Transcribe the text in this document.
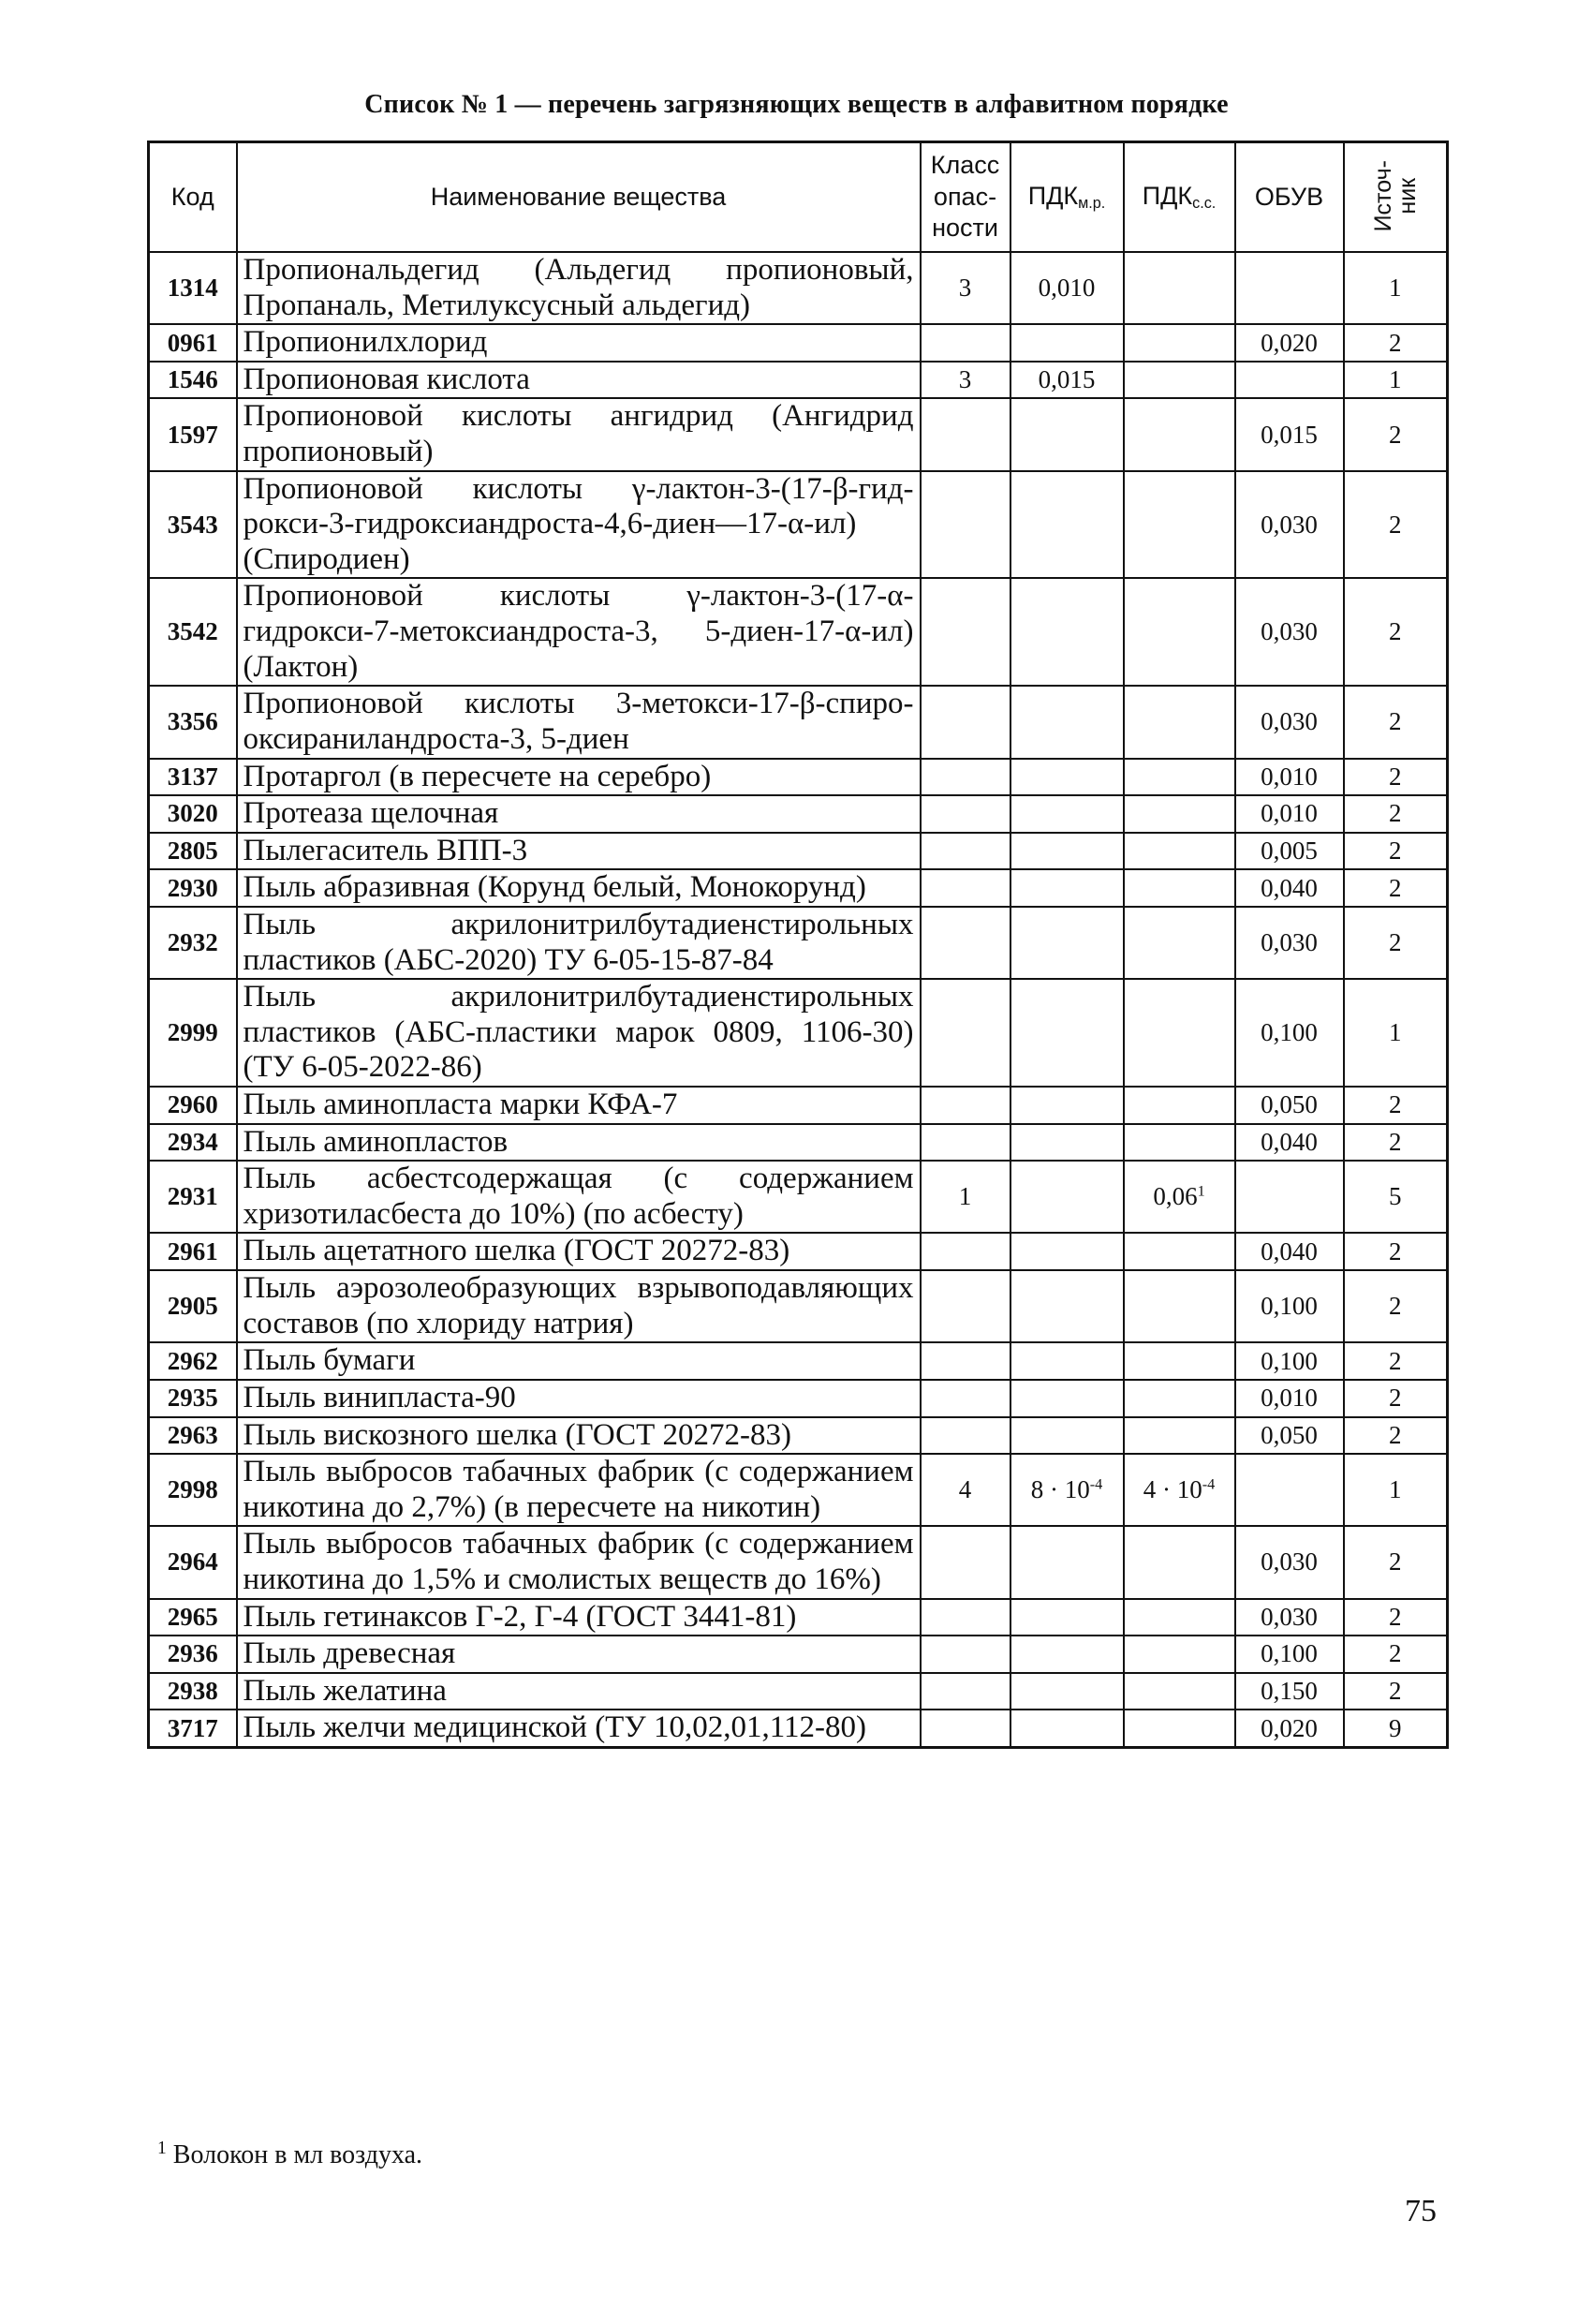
Список № 1 — перечень загрязняющих веществ в алфавитном порядке
Код	Наименование вещества	Класс
опас-
ности	$ПДК_{м.р.}$	$ПДК_{с.с.}$	ОБУВ	Источ-
ник
1314	Пропиональдегид (Альдегид пропионовый, Пропаналь, Метилуксусный альдегид)	3	0,010			1
0961	Пропионилхлорид				0,020	2
1546	Пропионовая кислота	3	0,015			1
1597	Пропионовой кислоты ангидрид (Ангидрид пропионовый)				0,015	2
3543	Пропионовой кислоты γ-лактон-3-(17-β-гид-рокси-3-гидроксиандроста-4,6-диен—17-α-ил) (Спиродиен)				0,030	2
3542	Пропионовой кислоты γ-лактон-3-(17-α-гидрокси-7-метоксиандроста-3, 5-диен-17-α-ил) (Лактон)				0,030	2
3356	Пропионовой кислоты 3-метокси-17-β-спиро-оксиранилaндроста-3, 5-диен				0,030	2
3137	Протаргол (в пересчете на серебро)				0,010	2
3020	Протеаза щелочная				0,010	2
2805	Пылегаситель ВПП-3				0,005	2
2930	Пыль абразивная (Корунд белый, Монокорунд)				0,040	2
2932	Пыль акрилонитрилбутадиенстирольных пластиков (АБС-2020) ТУ 6-05-15-87-84				0,030	2
2999	Пыль акрилонитрилбутадиенстирольных пластиков (АБС-пластики марок 0809, 1106-30) (ТУ 6-05-2022-86)				0,100	1
2960	Пыль аминопласта марки КФА-7				0,050	2
2934	Пыль аминопластов				0,040	2
2931	Пыль асбестсодержащая (с содержанием хризотиласбеста до 10%) (по асбесту)	1		0,06$^1$		5
2961	Пыль ацетатного шелка (ГОСТ 20272-83)				0,040	2
2905	Пыль аэрозолеобразующих взрывоподавляющих составов (по хлориду натрия)				0,100	2
2962	Пыль бумаги				0,100	2
2935	Пыль винипласта-90				0,010	2
2963	Пыль вискозного шелка (ГОСТ 20272-83)				0,050	2
2998	Пыль выбросов табачных фабрик (с содержанием никотина до 2,7%) (в пересчете на никотин)	4	$8 \cdot 10^{-4}$	$4 \cdot 10^{-4}$		1
2964	Пыль выбросов табачных фабрик (с содержанием никотина до 1,5% и смолистых веществ до 16%)				0,030	2
2965	Пыль гетинаксов Г-2, Г-4 (ГОСТ 3441-81)				0,030	2
2936	Пыль древесная				0,100	2
2938	Пыль желатина				0,150	2
3717	Пыль желчи медицинской (ТУ 10,02,01,112-80)				0,020	9
$^1$ Волокон в мл воздуха.
75
